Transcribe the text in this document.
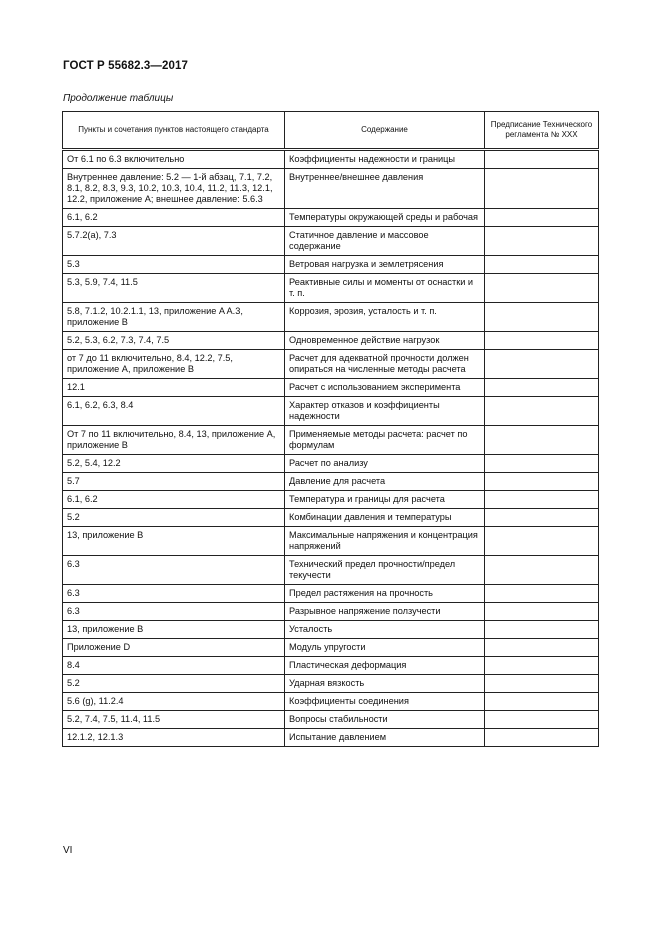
ГОСТ Р 55682.3—2017
Продолжение таблицы
Пункты и сочетания пунктов настоящего стандарта	Содержание	Предписание Технического регламента № XXX
От 6.1 по 6.3 включительно	Коэффициенты надежности и границы	
Внутреннее давление: 5.2 — 1-й абзац, 7.1, 7.2, 8.1, 8.2, 8.3, 9.3, 10.2, 10.3, 10.4, 11.2, 11.3, 12.1, 12.2, приложение A; внешнее давление: 5.6.3	Внутреннее/внешнее давления	
6.1, 6.2	Температуры окружающей среды и рабочая	
5.7.2(a), 7.3	Статичное давление и массовое содержание	
5.3	Ветровая нагрузка и землетрясения	
5.3, 5.9, 7.4, 11.5	Реактивные силы и моменты от оснастки и т. п.	
5.8, 7.1.2, 10.2.1.1, 13, приложение A A.3, приложение B	Коррозия, эрозия, усталость и т. п.	
5.2, 5.3, 6.2, 7.3, 7.4, 7.5	Одновременное действие нагрузок	
от 7 до 11 включительно, 8.4, 12.2, 7.5, приложение A, приложение B	Расчет для адекватной прочности должен опираться на численные методы расчета	
12.1	Расчет с использованием эксперимента	
6.1, 6.2, 6.3, 8.4	Характер отказов и коэффициенты надежности	
От 7 по 11 включительно, 8.4, 13, приложение A, приложение B	Применяемые методы расчета: расчет по формулам	
5.2, 5.4, 12.2	Расчет по анализу	
5.7	Давление для расчета	
6.1, 6.2	Температура и границы для расчета	
5.2	Комбинации давления и температуры	
13, приложение B	Максимальные напряжения и концентрация напряжений	
6.3	Технический предел прочности/предел текучести	
6.3	Предел растяжения на прочность	
6.3	Разрывное напряжение ползучести	
13, приложение B	Усталость	
Приложение D	Модуль упругости	
8.4	Пластическая деформация	
5.2	Ударная вязкость	
5.6 (g), 11.2.4	Коэффициенты соединения	
5.2, 7.4, 7.5, 11.4, 11.5	Вопросы стабильности	
12.1.2, 12.1.3	Испытание давлением	
VI
